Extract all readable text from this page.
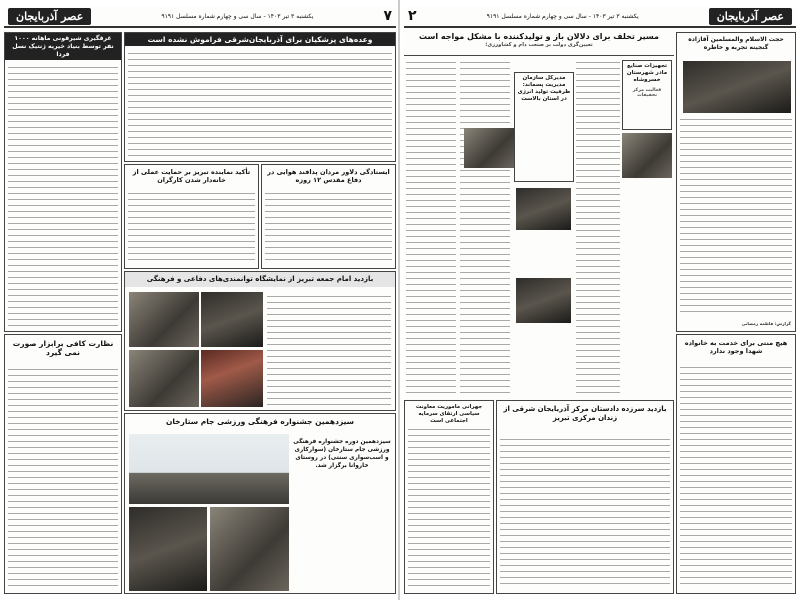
۷
یکشنبه ۳ تیر ۱۴۰۳ - سال سی و چهارم شماره مسلسل ۹۱۹۱
عصر آذربایجان
غرقگیری شیرقونی ماهانه ۱۰۰۰ نفر توسط بنیاد خیریه ژنتیک نسل فردا
وعده‌های پزشکیان برای آذربایجان‌شرقی فراموش نشده است
تأکید نماینده تبریز بر حمایت عملی از خانه‌دار شدن کارگران
ایستادگی دلاور مردان پدافند هوایی در دفاع مقدس ۱۲ روزه
بازدید امام جمعه تبریز از نمایشگاه توانمندی‌های دفاعی و فرهنگی
نظارت کافی برابزار صورت نمی گیرد
سیزدهمین جشنواره فرهنگی ورزشی جام ستارخان
سیزدهمین دوره جشنواره فرهنگی ورزشی جام ستارخان (سوارکاری و اسب‌سواری سنتی) در روستای خاروانا برگزار شد.
عصر آذربایجان
یکشنبه ۳ تیر ۱۴۰۳ - سال سی و چهارم شماره مسلسل ۹۱۹۱
۲
مسیر تخلف برای دلالان باز و تولیدکننده با مشکل مواجه است
تعیین‌گری دولت بر صنعت دام و کشاورزی؛
مدیرکل سازمان مدیریت پسماند: ظرفیت تولید انرژی در استان بالاست
تجهیزات صنایع مادر شهرستان خسروشاه
فعالیت مرکز تحقیقات
حجت الاسلام والمسلمین آقازاده گنجینه تجربه و خاطره
گزارش: فاطمه رمضانی
هیچ منتی برای خدمت به خانواده شهدا وجود ندارد
جهرانی ماموریت معاونت سیاسی ارتقای سرمایه اجتماعی است
بازدید سرزده دادستان مرکز آذربایجان شرقی از زندان مرکزی تبریز
